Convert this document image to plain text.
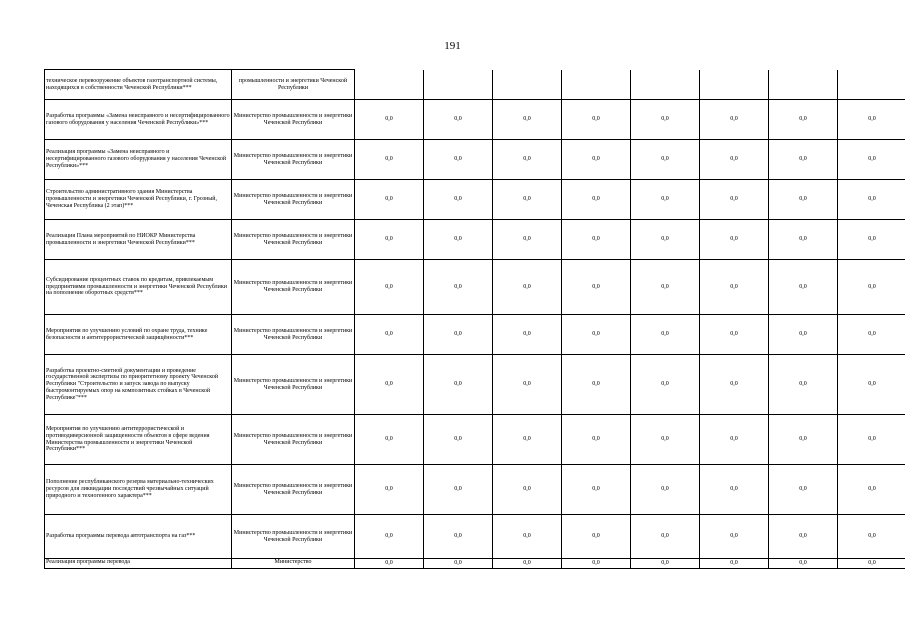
191
техническое перевооружение объектов газотранспортной системы, находящихся в собственности Чеченской Республики***	промышленности и энергетики Чеченской Республики								
Разработка программы «Замена неисправного и несертифицированного газового оборудования у населения Чеченской Республики»***	Министерство промышленности и энергетики Чеченской Республики	0,0	0,0	0,0	0,0	0,0	0,0	0,0	0,0
Реализация программы «Замена неисправного и несертифицированного газового оборудования у населения Чеченской Республики»***	Министерство промышленности и энергетики Чеченской Республики	0,0	0,0	0,0	0,0	0,0	0,0	0,0	0,0
Строительство административного здания Министерства промышленности и энергетики Чеченской Республики, г. Грозный, Чеченская Республика (2 этап)***	Министерство промышленности и энергетики Чеченской Республики	0,0	0,0	0,0	0,0	0,0	0,0	0,0	0,0
Реализация Плана мероприятий по НИОКР Министерства промышленности и энергетики Чеченской Республики***	Министерство промышленности и энергетики Чеченской Республики	0,0	0,0	0,0	0,0	0,0	0,0	0,0	0,0
Субсидирование процентных ставок по кредитам, привлекаемым предприятиями промышленности и энергетики Чеченской Республики на пополнение оборотных средств***	Министерство промышленности и энергетики Чеченской Республики	0,0	0,0	0,0	0,0	0,0	0,0	0,0	0,0
Мероприятия по улучшению условий по охране труда, технике безопасности и антитеррористической защищённости***	Министерство промышленности и энергетики Чеченской Республики	0,0	0,0	0,0	0,0	0,0	0,0	0,0	0,0
Разработка проектно-сметной документации и проведение государственной экспертизы по приоритетному проекту Чеченской Республики "Строительство и запуск завода по выпуску быстромонтируемых опор на композитных стойках в Чеченской Республике"***	Министерство промышленности и энергетики Чеченской Республики	0,0	0,0	0,0	0,0	0,0	0,0	0,0	0,0
Мероприятия по улучшению антитеррористической и противодиверсионной защищенности объектов в сфере ведения Министерства промышленности и энергетики Чеченской Республики***	Министерство промышленности и энергетики Чеченской Республики	0,0	0,0	0,0	0,0	0,0	0,0	0,0	0,0
Пополнение республиканского резерва материально-технических ресурсов для ликвидации последствий чрезвычайных ситуаций природного и техногенного характера***	Министерство промышленности и энергетики Чеченской Республики	0,0	0,0	0,0	0,0	0,0	0,0	0,0	0,0
Разработка программы перевода автотранспорта на газ***	Министерство промышленности и энергетики Чеченской Республики	0,0	0,0	0,0	0,0	0,0	0,0	0,0	0,0
Реализация программы перевода	Министерство	0,0	0,0	0,0	0,0	0,0	0,0	0,0	0,0
